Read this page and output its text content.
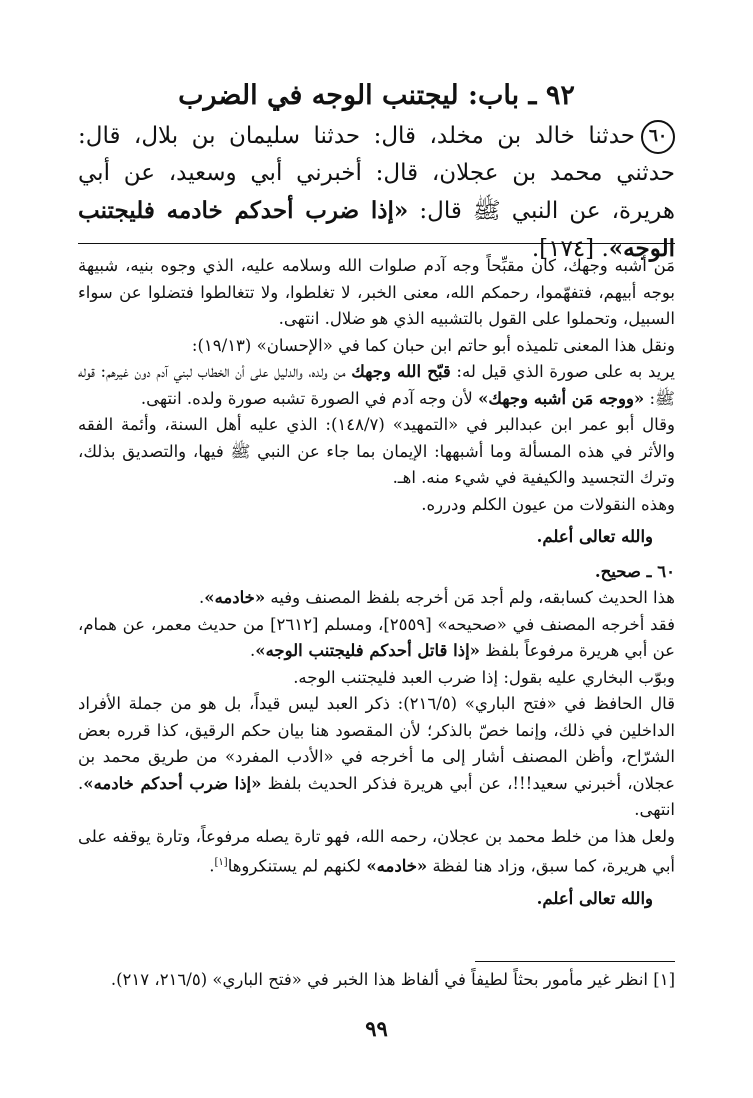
٩٢ ـ باب: ليجتنب الوجه في الضرب
٦٠حدثنا خالد بن مخلد، قال: حدثنا سليمان بن بلال، قال: حدثني محمد بن عجلان، قال: أخبرني أبي وسعيد، عن أبي هريرة، عن النبي ﷺ قال: «إذا ضرب أحدكم خادمه فليجتنب الوجه». [١٧٤].

مَن أشبه وجهك، كان مقبِّحاً وجه آدم صلوات الله وسلامه عليه، الذي وجوه بنيه، شبيهة بوجه أبيهم، فتفهّموا، رحمكم الله، معنى الخبر، لا تغلطوا، ولا تتغالطوا فتضلوا عن سواء السبيل، وتحملوا على القول بالتشبيه الذي هو ضلال. انتهى.

ونقل هذا المعنى تلميذه أبو حاتم ابن حبان كما في «الإحسان» (١٩/١٣):

يريد به على صورة الذي قيل له: قبّح الله وجهك من ولده، والدليل على أن الخطاب لبني آدم دون غيرهم: قوله ﷺ: «ووجه مَن أشبه وجهك» لأن وجه آدم في الصورة تشبه صورة ولده. انتهى.

وقال أبو عمر ابن عبدالبر في «التمهيد» (١٤٨/٧): الذي عليه أهل السنة، وأئمة الفقه والأثر في هذه المسألة وما أشبهها: الإيمان بما جاء عن النبي ﷺ فيها، والتصديق بذلك، وترك التجسيد والكيفية في شيء منه. اهـ.

وهذه النقولات من عيون الكلم ودرره.

والله تعالى أعلم.

٦٠ ـ صحيح.

هذا الحديث كسابقه، ولم أجد مَن أخرجه بلفظ المصنف وفيه «خادمه».

فقد أخرجه المصنف في «صحيحه» [٢٥٥٩]، ومسلم [٢٦١٢] من حديث معمر، عن همام، عن أبي هريرة مرفوعاً بلفظ «إذا قاتل أحدكم فليجتنب الوجه».

وبوّب البخاري عليه بقول: إذا ضرب العبد فليجتنب الوجه.

قال الحافظ في «فتح الباري» (٢١٦/٥): ذكر العبد ليس قيداً، بل هو من جملة الأفراد الداخلين في ذلك، وإنما خصّ بالذكر؛ لأن المقصود هنا بيان حكم الرقيق، كذا قرره بعض الشرّاح، وأظن المصنف أشار إلى ما أخرجه في «الأدب المفرد» من طريق محمد بن عجلان، أخبرني سعيد!!!، عن أبي هريرة فذكر الحديث بلفظ «إذا ضرب أحدكم خادمه». انتهى.

ولعل هذا من خلط محمد بن عجلان، رحمه الله، فهو تارة يصله مرفوعاً، وتارة يوقفه على أبي هريرة، كما سبق، وزاد هنا لفظة «خادمه» لكنهم لم يستنكروها[١].

والله تعالى أعلم.

[١] انظر غير مأمور بحثاً لطيفاً في ألفاظ هذا الخبر في «فتح الباري» (٢١٦/٥، ٢١٧).
٩٩
